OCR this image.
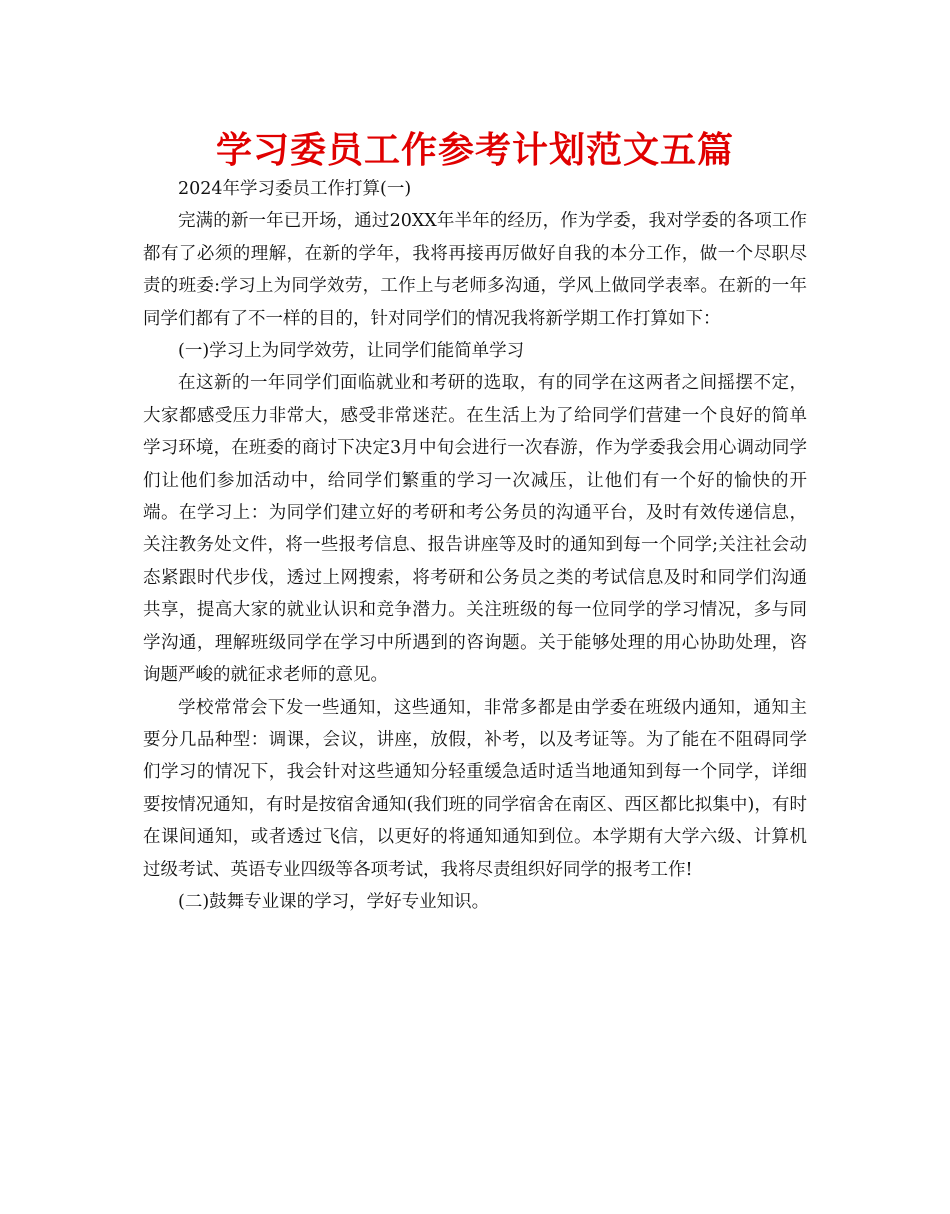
学习委员工作参考计划范文五篇

2024年学习委员工作打算(一)

完满的新一年已开场，通过20XX年半年的经历，作为学委，我对学委的各项工作都有了必须的理解，在新的学年，我将再接再厉做好自我的本分工作，做一个尽职尽责的班委:学习上为同学效劳，工作上与老师多沟通，学风上做同学表率。在新的一年同学们都有了不一样的目的，针对同学们的情况我将新学期工作打算如下：

(一)学习上为同学效劳，让同学们能简单学习

在这新的一年同学们面临就业和考研的选取，有的同学在这两者之间摇摆不定，大家都感受压力非常大，感受非常迷茫。在生活上为了给同学们营建一个良好的简单学习环境，在班委的商讨下决定3月中旬会进行一次春游，作为学委我会用心调动同学们让他们参加活动中，给同学们繁重的学习一次减压，让他们有一个好的愉快的开端。在学习上：为同学们建立好的考研和考公务员的沟通平台，及时有效传递信息，关注教务处文件，将一些报考信息、报告讲座等及时的通知到每一个同学;关注社会动态紧跟时代步伐，透过上网搜索，将考研和公务员之类的考试信息及时和同学们沟通共享，提高大家的就业认识和竞争潜力。关注班级的每一位同学的学习情况，多与同学沟通，理解班级同学在学习中所遇到的咨询题。关于能够处理的用心协助处理，咨询题严峻的就征求老师的意见。

学校常常会下发一些通知，这些通知，非常多都是由学委在班级内通知，通知主要分几品种型：调课，会议，讲座，放假，补考，以及考证等。为了能在不阻碍同学们学习的情况下，我会针对这些通知分轻重缓急适时适当地通知到每一个同学，详细要按情况通知，有时是按宿舍通知(我们班的同学宿舍在南区、西区都比拟集中)，有时在课间通知，或者透过飞信，以更好的将通知通知到位。本学期有大学六级、计算机过级考试、英语专业四级等各项考试，我将尽责组织好同学的报考工作!

(二)鼓舞专业课的学习，学好专业知识。
